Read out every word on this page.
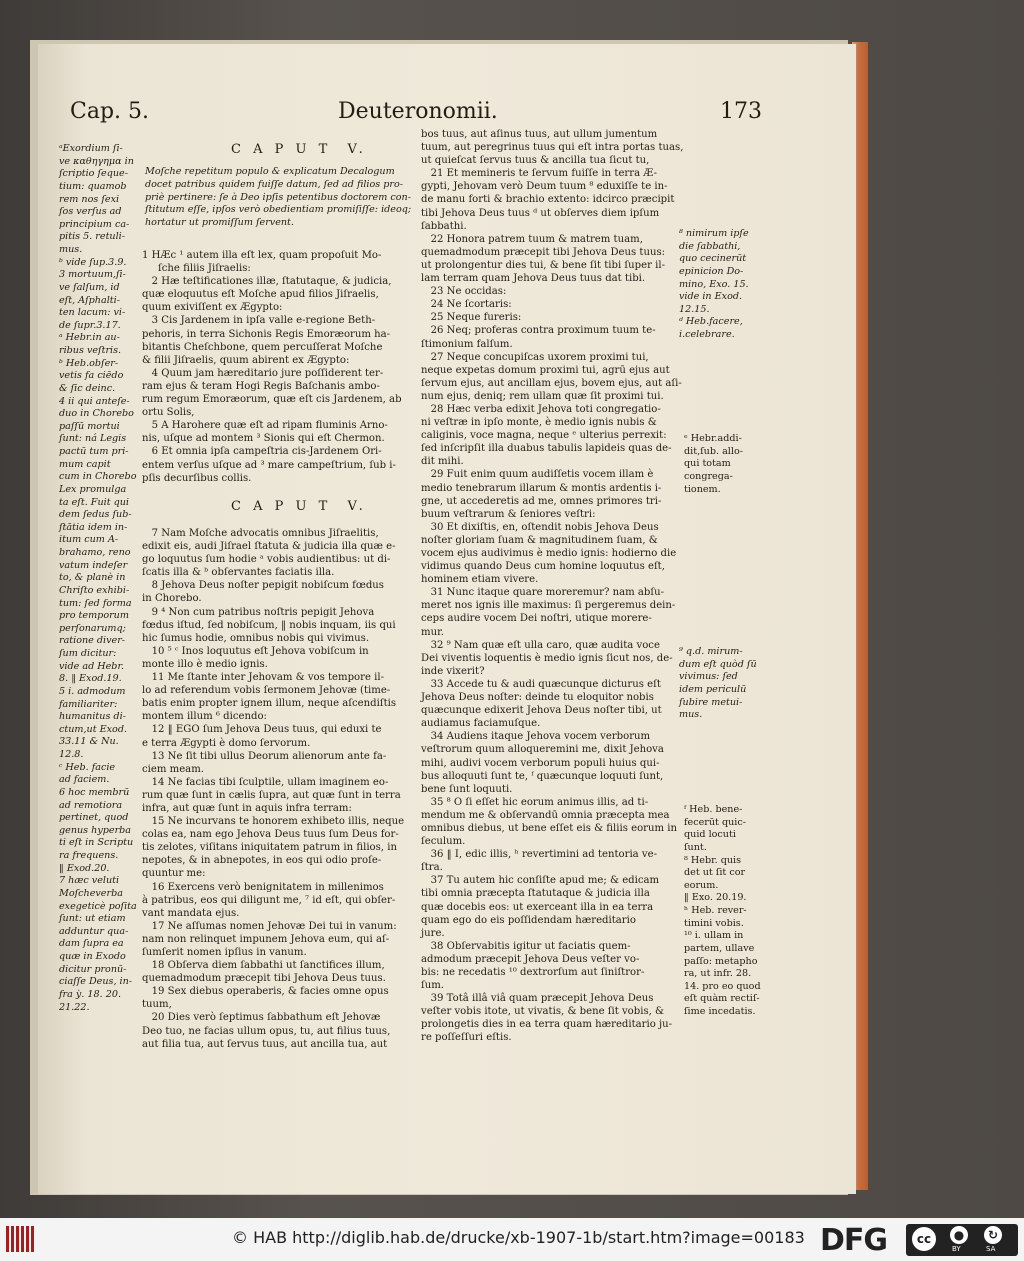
Cap. 5.	Deuteronomii.	173
ᵃExordium ſi-
ve καθηγημα in
ſcriptio ſeque-
tium: quamob
rem nos ſexi
ſos verſus ad
principium ca-
pitis 5. retuli-
mus.
ᵇ vide ſup.3.9.
3 mortuum,ſi-
ve ſalſum, id
eſt, Aſphalti-
ten lacum: vi-
de ſupr.3.17.
ᵃ Hebr.in au-
ribus veſtris.
ᵇ Heb.obſer-
vetis fa ciēdo
& ſic deinc.
4 ii qui anteſe-
duo in Chorebo
paſſū mortui
ſunt: ná Legis
pactū tum pri-
mum capit
cum in Chorebo
Lex promulga
ta eſt. Fuit qui
dem ſedus ſub-
ſtātia idem in-
itum cum A-
brahamo, reno
vatum indeſer
to, & planè in
Chriſto exhibi-
tum: ſed forma
pro temporum
perſonarumq;
ratione diver-
ſum dicitur:
vide ad Hebr.
8. ‖ Exod.19.
5 i. admodum
familiariter:
humanitus di-
ctum,ut Exod.
33.11 & Nu.
12.8.
ᶜ Heb. facie
ad faciem.
6 hoc membrū
ad remotiora
pertinet, quod
genus hyperba
ti eſt in Scriptu
ra frequens.
‖ Exod.20.
7 hæc veluti
Moſcheverba
exegeticè poſita
ſunt: ut etiam
adduntur qua-
dam ſupra ea
quæ in Exodo
dicitur pronū-
ciaſſe Deus, in-
fra ỳ. 18. 20.
21.22.
C A P U T  V.
Moſche repetitum populo & explicatum Decalogum
docet patribus quidem fuiſſe datum, ſed ad filios pro-
priè pertinere: ſe à Deo ipſis petentibus doctorem con-
ſtitutum eſſe, ipſos verò obedientiam promiſiſſe: ideoq;
hortatur ut promiſſum ſervent.
1 HÆc ¹ autem illa eſt lex, quam propoſuit Mo-
ſche filiis Jiſraelis:
2 Hæ teſtificationes illæ, ſtatutaque, & judicia,
quæ eloquutus eſt Moſche apud filios Jiſraelis,
quum exiviſſent ex Ægypto:
3 Cis Jardenem in ipſa valle e-regione Beth-
pehoris, in terra Sichonis Regis Emoræorum ha-
bitantis Cheſchbone, quem percuſſerat Moſche
& filii Jiſraelis, quum abirent ex Ægypto:
4 Quum jam hæreditario jure poſſiderent ter-
ram ejus & teram Hogi Regis Baſchanis ambo-
rum regum Emoræorum, quæ eſt cis Jardenem, ab
ortu Solis,
5 A Harohere quæ eſt ad ripam fluminis Arno-
nis, uſque ad montem ³ Sionis qui eſt Chermon.
6 Et omnia ipſa campeſtria cis-Jardenem Ori-
entem verſus uſque ad ³ mare campeſtrium, ſub i-
pſis decurſibus collis.
C A P U T  V.
7 Nam Moſche advocatis omnibus Jiſraelitis,
edixit eis, audi Jiſrael ſtatuta & judicia illa quæ e-
go loquutus ſum hodie ᵃ vobis audientibus: ut di-
ſcatis illa & ᵇ obſervantes faciatis illa.
8 Jehova Deus noſter pepigit nobiſcum fœdus
in Chorebo.
9 ⁴ Non cum patribus noſtris pepigit Jehova
fœdus iſtud, ſed nobiſcum, ‖ nobis inquam, iis qui
hic ſumus hodie, omnibus nobis qui vivimus.
10 ⁵ ᶜ Inos loquutus eſt Jehova vobiſcum in
monte illo è medio ignis.
11 Me ſtante inter Jehovam & vos tempore il-
lo ad referendum vobis ſermonem Jehovæ (time-
batis enim propter ignem illum, neque aſcendiſtis
montem illum ⁶ dicendo:
12 ‖ EGO ſum Jehova Deus tuus, qui eduxi te
e terra Ægypti è domo ſervorum.
13 Ne ſit tibi ullus Deorum alienorum ante fa-
ciem meam.
14 Ne facias tibi ſculptile, ullam imaginem eo-
rum quæ ſunt in cælis ſupra, aut quæ ſunt in terra
infra, aut quæ ſunt in aquis infra terram:
15 Ne incurvans te honorem exhibeto illis, neque
colas ea, nam ego Jehova Deus tuus ſum Deus for-
tis zelotes, viſitans iniquitatem patrum in filios, in
nepotes, & in abnepotes, in eos qui odio proſe-
quuntur me:
16 Exercens verò benignitatem in millenimos
à patribus, eos qui diligunt me, ⁷ id eſt, qui obſer-
vant mandata ejus.
17 Ne aſſumas nomen Jehovæ Dei tui in vanum:
nam non relinquet impunem Jehova eum, qui aſ-
ſumſerit nomen ipſius in vanum.
18 Obſerva diem ſabbathi ut ſanctifices illum,
quemadmodum præcepit tibi Jehova Deus tuus.
19 Sex diebus operaberis, & facies omne opus
tuum,
20 Dies verò ſeptimus ſabbathum eſt Jehovæ
Deo tuo, ne facias ullum opus, tu, aut filius tuus,
aut filia tua, aut ſervus tuus, aut ancilla tua, aut
bos tuus, aut aſinus tuus, aut ullum jumentum
tuum, aut peregrinus tuus qui eſt intra portas tuas,
ut quieſcat ſervus tuus & ancilla tua ſicut tu,
21 Et memineris te ſervum fuiſſe in terra Æ-
gypti, Jehovam verò Deum tuum ⁸ eduxiſſe te in-
de manu forti & brachio extento: idcirco præcipit
tibi Jehova Deus tuus ᵈ ut obſerves diem ipſum
ſabbathi.
22 Honora patrem tuum & matrem tuam,
quemadmodum præcepit tibi Jehova Deus tuus:
ut prolongentur dies tui, & bene ſit tibi ſuper il-
lam terram quam Jehova Deus tuus dat tibi.
23 Ne occidas:
24 Ne ſcortaris:
25 Neque fureris:
26 Neq; proferas contra proximum tuum te-
ſtimonium falſum.
27 Neque concupiſcas uxorem proximi tui,
neque expetas domum proximi tui, agrū ejus aut
ſervum ejus, aut ancillam ejus, bovem ejus, aut aſi-
num ejus, deniq; rem ullam quæ ſit proximi tui.
28 Hæc verba edixit Jehova toti congregatio-
ni veſtræ in ipſo monte, è medio ignis nubis &
caliginis, voce magna, neque ᵉ ulterius perrexit:
ſed inſcripſit illa duabus tabulis lapideis quas de-
dit mihi.
29 Fuit enim quum audiſſetis vocem illam è
medio tenebrarum illarum & montis ardentis i-
gne, ut accederetis ad me, omnes primores tri-
buum veſtrarum & ſeniores veſtri:
30 Et dixiſtis, en, oſtendit nobis Jehova Deus
noſter gloriam ſuam & magnitudinem ſuam, &
vocem ejus audivimus è medio ignis: hodierno die
vidimus quando Deus cum homine loquutus eſt,
hominem etiam vivere.
31 Nunc itaque quare moreremur? nam abſu-
meret nos ignis ille maximus: ſi pergeremus dein-
ceps audire vocem Dei noſtri, utique morere-
mur.
32 ⁹ Nam quæ eſt ulla caro, quæ audita voce
Dei viventis loquentis è medio ignis ſicut nos, de-
inde vixerit?
33 Accede tu & audi quæcunque dicturus eſt
Jehova Deus noſter: deinde tu eloquitor nobis
quæcunque edixerit Jehova Deus noſter tibi, ut
audiamus faciamuſque.
34 Audiens itaque Jehova vocem verborum
veſtrorum quum alloqueremini me, dixit Jehova
mihi, audivi vocem verborum populi huius qui-
bus alloquuti ſunt te, ᶠ quæcunque loquuti ſunt,
bene ſunt loquuti.
35 ⁸ O ſi eſſet hic eorum animus illis, ad ti-
mendum me & obſervandū omnia præcepta mea
omnibus diebus, ut bene eſſet eis & filiis eorum in
ſeculum.
36 ‖ I, edic illis, ʰ revertimini ad tentoria ve-
ſtra.
37 Tu autem hic conſiſte apud me; & edicam
tibi omnia præcepta ſtatutaque & judicia illa
quæ docebis eos: ut exerceant illa in ea terra
quam ego do eis poſſidendam hæreditario
jure.
38 Obſervabitis igitur ut faciatis quem-
admodum præcepit Jehova Deus veſter vo-
bis: ne recedatis ¹⁰ dextrorſum aut ſiniſtror-
ſum.
39 Totâ illâ viâ quam præcepit Jehova Deus
veſter vobis itote, ut vivatis, & bene ſit vobis, &
prolongetis dies in ea terra quam hæreditario ju-
re poſſeſſuri eſtis.
⁸ nimirum ipſe
die ſabbathi,
quo cecinerūt
epinicion Do-
mino, Exo. 15.
vide in Exod.
12.15.
ᵈ Heb.facere,
i.celebrare.
ᵉ Hebr.addi-
dit,ſub. allo-
qui totam
congrega-
tionem.
⁹ q.d. mirum-
dum eſt quòd ſū
vivimus: ſed
idem periculū
ſubire metui-
mus.
ᶠ Heb. bene-
fecerūt quic-
quid locuti
ſunt.
⁸ Hebr. quis
det ut ſit cor
eorum.
‖ Exo. 20.19.
ʰ Heb. rever-
timini vobis.
¹⁰ i. ullam in
partem, ullave
paſſo: metapho
ra, ut infr. 28.
14. pro eo quod
eſt quàm rectiſ-
ſime incedatis.
© HAB http://diglib.hab.de/drucke/xb-1907-1b/start.htm?image=00183 DFG	cc	●	↻
BY	SA
